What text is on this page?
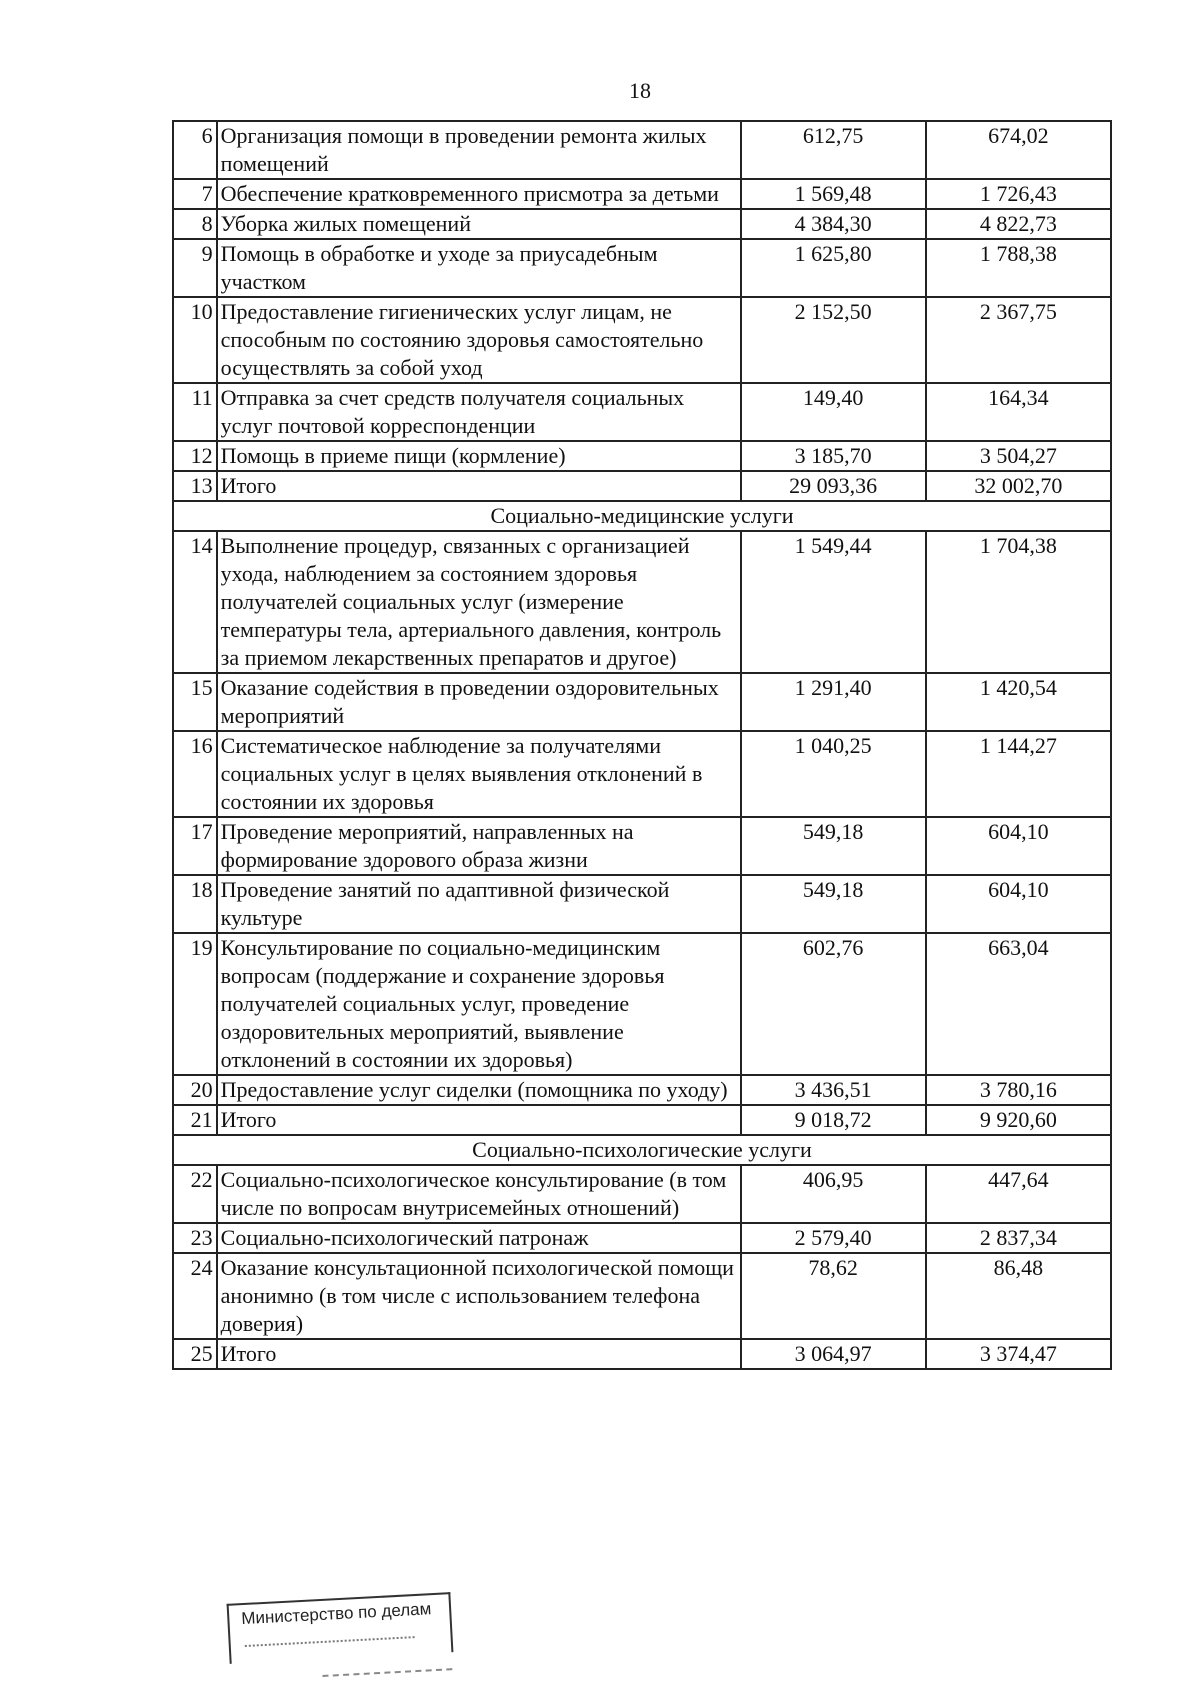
18
6	Организация помощи в проведении ремонта жилых помещений	612,75	674,02
7	Обеспечение кратковременного присмотра за детьми	1 569,48	1 726,43
8	Уборка жилых помещений	4 384,30	4 822,73
9	Помощь в обработке и уходе за приусадебным участком	1 625,80	1 788,38
10	Предоставление гигиенических услуг лицам, не способным по состоянию здоровья самостоятельно осуществлять за собой уход	2 152,50	2 367,75
11	Отправка за счет средств получателя социальных услуг почтовой корреспонденции	149,40	164,34
12	Помощь в приеме пищи (кормление)	3 185,70	3 504,27
13	Итого	29 093,36	32 002,70
Социально-медицинские услуги			
14	Выполнение процедур, связанных с организацией ухода, наблюдением за состоянием здоровья получателей социальных услуг (измерение температуры тела, артериального давления, контроль за приемом лекарственных препаратов и другое)	1 549,44	1 704,38
15	Оказание содействия в проведении оздоровительных мероприятий	1 291,40	1 420,54
16	Систематическое наблюдение за получателями социальных услуг в целях выявления отклонений в состоянии их здоровья	1 040,25	1 144,27
17	Проведение мероприятий, направленных на формирование здорового образа жизни	549,18	604,10
18	Проведение занятий по адаптивной физической культуре	549,18	604,10
19	Консультирование по социально-медицинским вопросам (поддержание и сохранение здоровья получателей социальных услуг, проведение оздоровительных мероприятий, выявление отклонений в состоянии их здоровья)	602,76	663,04
20	Предоставление услуг сиделки (помощника по уходу)	3 436,51	3 780,16
21	Итого	9 018,72	9 920,60
Социально-психологические услуги			
22	Социально-психологическое консультирование (в том числе по вопросам внутрисемейных отношений)	406,95	447,64
23	Социально-психологический патронаж	2 579,40	2 837,34
24	Оказание консультационной психологической помощи анонимно (в том числе с использованием телефона доверия)	78,62	86,48
25	Итого	3 064,97	3 374,47
Министерство по делам
